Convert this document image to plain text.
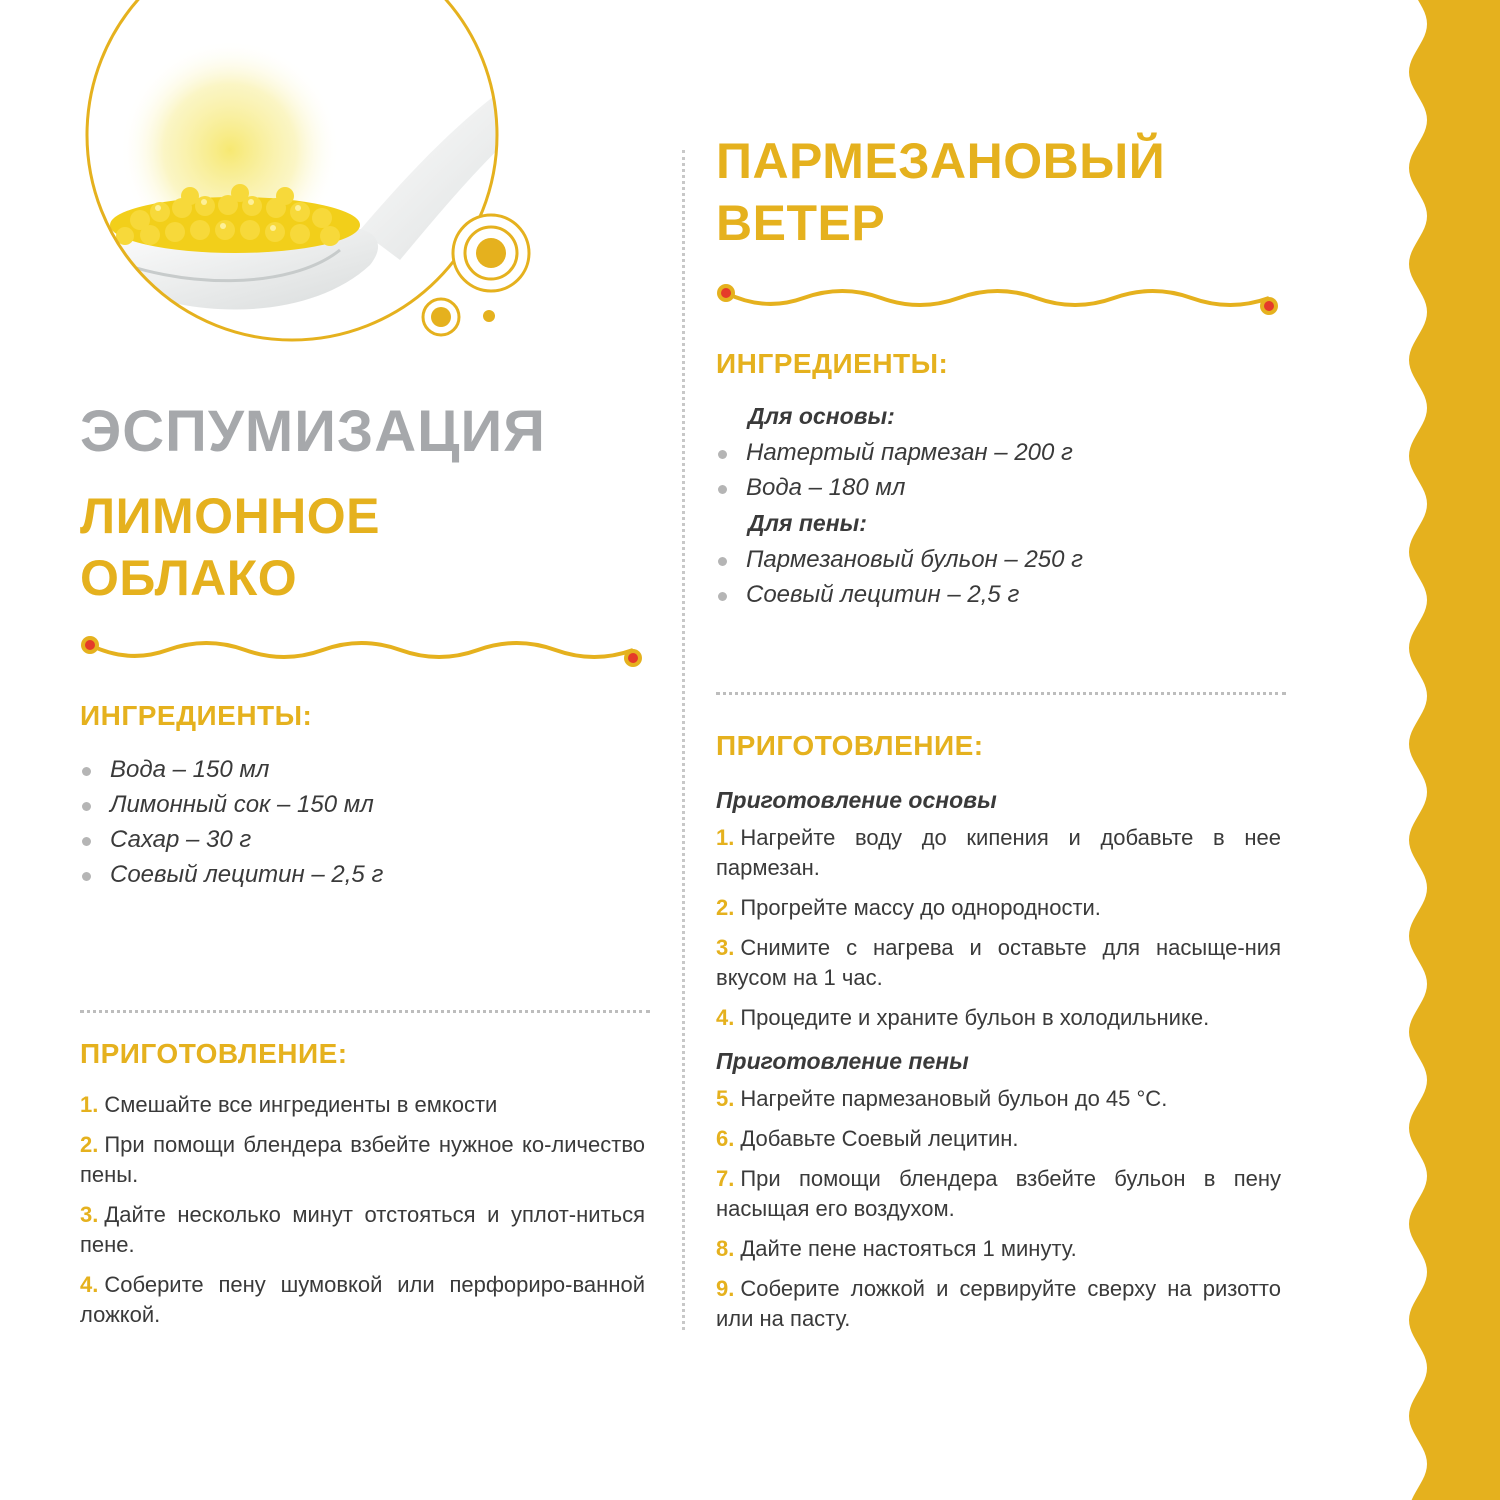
ЭСПУМИЗАЦИЯ
ЛИМОННОЕ
ОБЛАКО
ИНГРЕДИЕНТЫ:
Вода – 150 мл
Лимонный сок – 150 мл
Сахар – 30 г
Соевый лецитин – 2,5 г
ПРИГОТОВЛЕНИЕ:
1. Смешайте все ингредиенты в емкости
2. При помощи блендера взбейте нужное ко-личество пены.
3. Дайте несколько минут отстояться и уплот-ниться пене.
4. Соберите пену шумовкой или перфориро-ванной ложкой.
ПАРМЕЗАНОВЫЙ
ВЕТЕР
ИНГРЕДИЕНТЫ:

Для основы:

Натертый пармезан – 200 г
Вода – 180 мл

Для пены:

Пармезановый бульон – 250 г
Соевый лецитин – 2,5 г
ПРИГОТОВЛЕНИЕ:

Приготовление основы

1. Нагрейте воду до кипения и добавьте в нее пармезан.
2. Прогрейте массу до однородности.
3. Снимите с нагрева и оставьте для насыще-ния вкусом на 1 час.
4. Процедите и храните бульон в холодильнике.

Приготовление пены

5. Нагрейте пармезановый бульон до 45 °С.
6. Добавьте Соевый лецитин.
7. При помощи блендера взбейте бульон в пену насыщая его воздухом.
8. Дайте пене настояться 1 минуту.
9. Соберите ложкой и сервируйте сверху на ризотто или на пасту.
